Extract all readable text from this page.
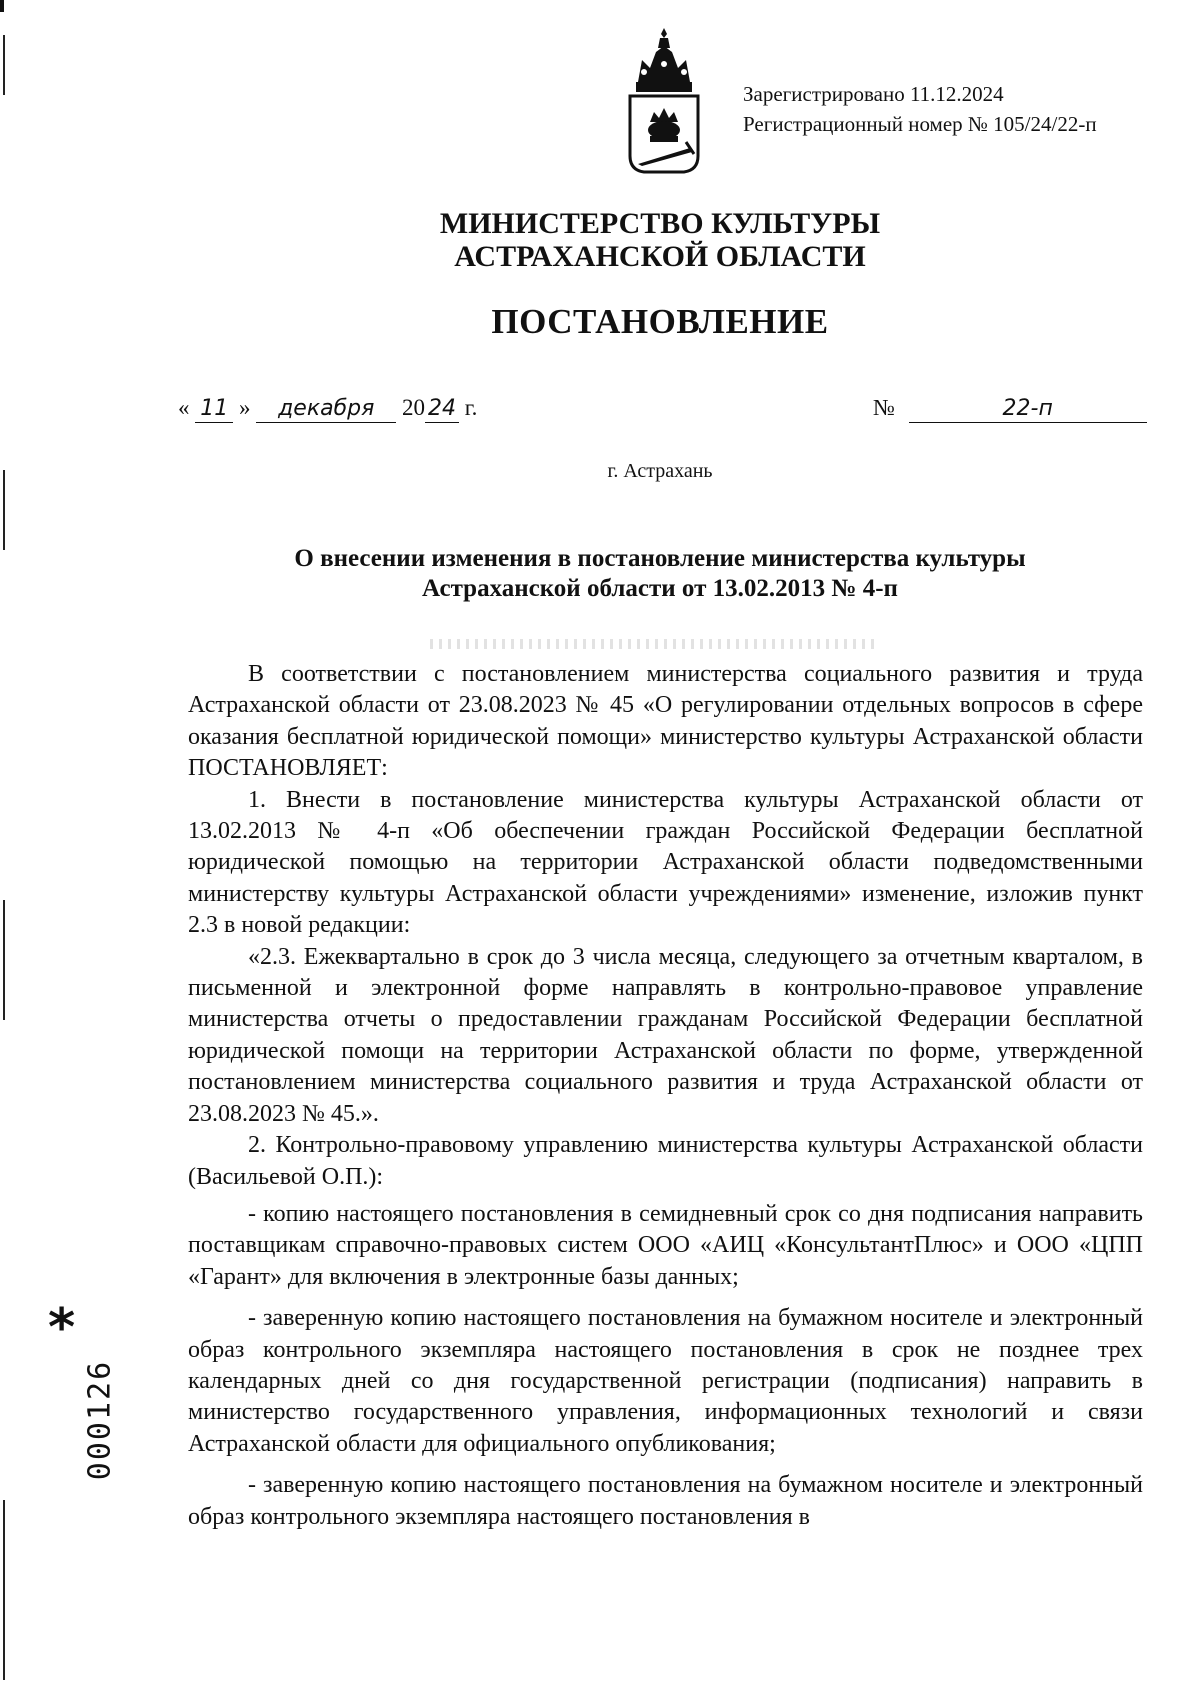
Зарегистрировано 11.12.2024
Регистрационный номер № 105/24/22-п
МИНИСТЕРСТВО КУЛЬТУРЫ
АСТРАХАНСКОЙ ОБЛАСТИ
ПОСТАНОВЛЕНИЕ
« 11 » декабря 20 24 г.	№	22-п
г. Астрахань
О внесении изменения в постановление министерства культуры
Астраханской области от 13.02.2013 № 4-п

В соответствии с постановлением министерства социального развития и труда Астраханской области от 23.08.2023 № 45 «О регулировании отдельных вопросов в сфере оказания бесплатной юридической помощи» министерство культуры Астраханской области ПОСТАНОВЛЯЕТ:

1. Внести в постановление министерства культуры Астраханской области от 13.02.2013 № 4-п «Об обеспечении граждан Российской Федерации бесплатной юридической помощью на территории Астраханской области подведомственными министерству культуры Астраханской области учреждениями» изменение, изложив пункт 2.3 в новой редакции:

«2.3. Ежеквартально в срок до 3 числа месяца, следующего за отчетным кварталом, в письменной и электронной форме направлять в контрольно-правовое управление министерства отчеты о предоставлении гражданам Российской Федерации бесплатной юридической помощи на территории Астраханской области по форме, утвержденной постановлением министерства социального развития и труда Астраханской области от 23.08.2023 № 45.».

2. Контрольно-правовому управлению министерства культуры Астраханской области (Васильевой О.П.):

- копию настоящего постановления в семидневный срок со дня подписания направить поставщикам справочно-правовых систем ООО «АИЦ «КонсультантПлюс» и ООО «ЦПП «Гарант» для включения в электронные базы данных;

- заверенную копию настоящего постановления на бумажном носителе и электронный образ контрольного экземпляра настоящего постановления в срок не позднее трех календарных дней со дня государственной регистрации (подписания) направить в министерство государственного управления, информационных технологий и связи Астраханской области для официального опубликования;

- заверенную копию настоящего постановления на бумажном носителе и электронный образ контрольного экземпляра настоящего постановления в

*
000126
